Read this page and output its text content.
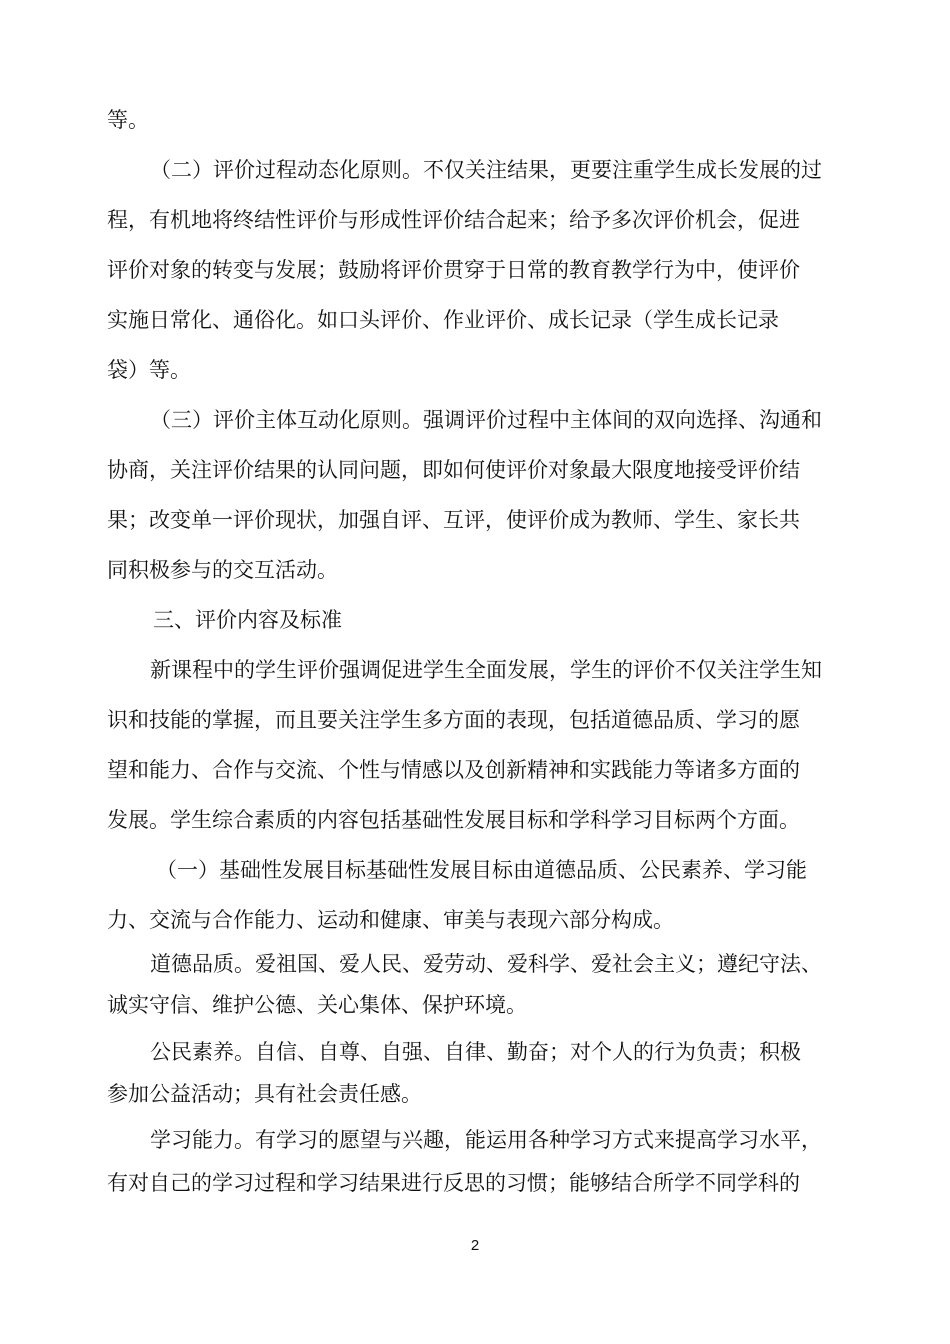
等。
（二）评价过程动态化原则。不仅关注结果，更要注重学生成长发展的过
程，有机地将终结性评价与形成性评价结合起来；给予多次评价机会，促进
评价对象的转变与发展；鼓励将评价贯穿于日常的教育教学行为中，使评价
实施日常化、通俗化。如口头评价、作业评价、成长记录（学生成长记录
袋）等。
（三）评价主体互动化原则。强调评价过程中主体间的双向选择、沟通和
协商，关注评价结果的认同问题，即如何使评价对象最大限度地接受评价结
果；改变单一评价现状，加强自评、互评，使评价成为教师、学生、家长共
同积极参与的交互活动。
三、评价内容及标准
新课程中的学生评价强调促进学生全面发展，学生的评价不仅关注学生知
识和技能的掌握，而且要关注学生多方面的表现，包括道德品质、学习的愿
望和能力、合作与交流、个性与情感以及创新精神和实践能力等诸多方面的
发展。学生综合素质的内容包括基础性发展目标和学科学习目标两个方面。
（一）基础性发展目标基础性发展目标由道德品质、公民素养、学习能
力、交流与合作能力、运动和健康、审美与表现六部分构成。
道德品质。爱祖国、爱人民、爱劳动、爱科学、爱社会主义；遵纪守法、
诚实守信、维护公德、关心集体、保护环境。
公民素养。自信、自尊、自强、自律、勤奋；对个人的行为负责；积极
参加公益活动；具有社会责任感。
学习能力。有学习的愿望与兴趣，能运用各种学习方式来提高学习水平，
有对自己的学习过程和学习结果进行反思的习惯；能够结合所学不同学科的
2
